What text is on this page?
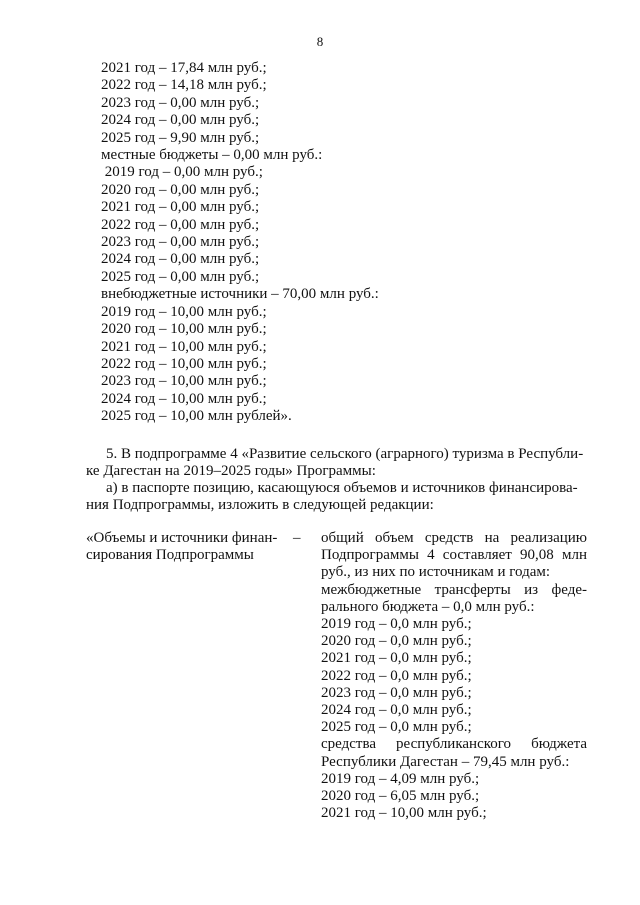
8
2021 год – 17,84 млн руб.;
2022 год – 14,18 млн руб.;
2023 год – 0,00 млн руб.;
2024 год – 0,00 млн руб.;
2025 год – 9,90 млн руб.;
местные бюджеты – 0,00 млн руб.:
2019 год – 0,00 млн руб.;
2020 год – 0,00 млн руб.;
2021 год – 0,00 млн руб.;
2022 год – 0,00 млн руб.;
2023 год – 0,00 млн руб.;
2024 год – 0,00 млн руб.;
2025 год – 0,00 млн руб.;
внебюджетные источники – 70,00 млн руб.:
2019 год – 10,00 млн руб.;
2020 год – 10,00 млн руб.;
2021 год – 10,00 млн руб.;
2022 год – 10,00 млн руб.;
2023 год – 10,00 млн руб.;
2024 год – 10,00 млн руб.;
2025 год – 10,00 млн рублей».
5. В подпрограмме 4 «Развитие сельского (аграрного) туризма в Республи-
ке Дагестан на 2019–2025 годы» Программы:
а) в паспорте позицию, касающуюся объемов и источников финансирова-
ния Подпрограммы, изложить в следующей редакции:
«Объемы и источники финан-
сирования Подпрограммы
– общий объем средств на реализацию
Подпрограммы 4 составляет 90,08 млн
руб., из них по источникам и годам:
межбюджетные трансферты из феде-
рального бюджета – 0,0 млн руб.:
2019 год – 0,0 млн руб.;
2020 год – 0,0 млн руб.;
2021 год – 0,0 млн руб.;
2022 год – 0,0 млн руб.;
2023 год – 0,0 млн руб.;
2024 год – 0,0 млн руб.;
2025 год – 0,0 млн руб.;
средства республиканского бюджета
Республики Дагестан – 79,45 млн руб.:
2019 год – 4,09 млн руб.;
2020 год – 6,05 млн руб.;
2021 год – 10,00 млн руб.;
